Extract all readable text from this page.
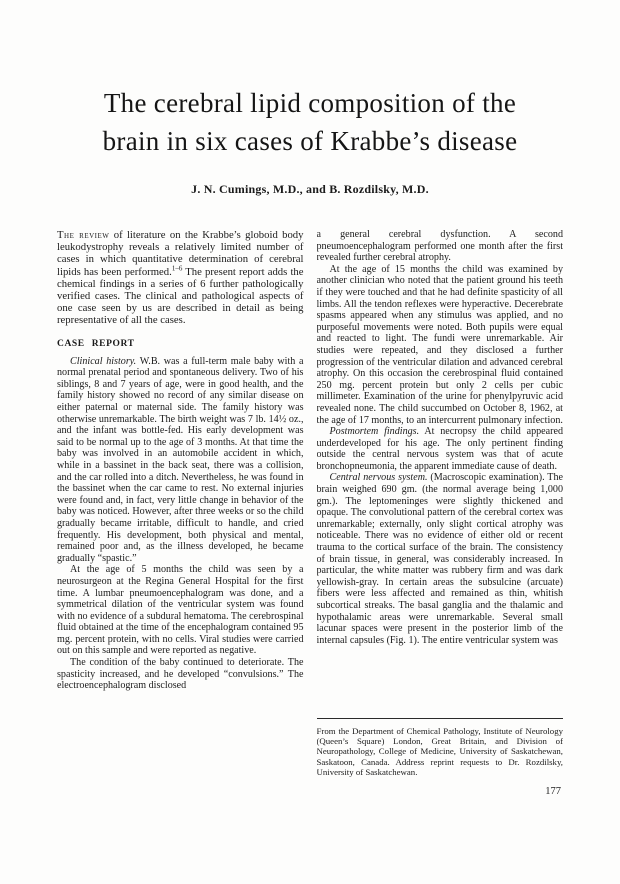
The cerebral lipid composition of the
brain in six cases of Krabbe’s disease
J. N. Cumings, M.D., and B. Rozdilsky, M.D.

The review of literature on the Krabbe’s globoid body leukodystrophy reveals a relatively limited number of cases in which quantitative determination of cerebral lipids has been performed.$^{1-6}$ The present report adds the chemical findings in a series of 6 further pathologically verified cases. The clinical and pathological aspects of one case seen by us are described in detail as being representative of all the cases.

CASE REPORT

Clinical history. W.B. was a full-term male baby with a normal prenatal period and spontaneous delivery. Two of his siblings, 8 and 7 years of age, were in good health, and the family history showed no record of any similar disease on either paternal or maternal side. The family history was otherwise unremarkable. The birth weight was 7 lb. 14½ oz., and the infant was bottle-fed. His early development was said to be normal up to the age of 3 months. At that time the baby was involved in an automobile accident in which, while in a bassinet in the back seat, there was a collision, and the car rolled into a ditch. Nevertheless, he was found in the bassinet when the car came to rest. No external injuries were found and, in fact, very little change in behavior of the baby was noticed. However, after three weeks or so the child gradually became irritable, difficult to handle, and cried frequently. His development, both physical and mental, remained poor and, as the illness developed, he became gradually “spastic.”

At the age of 5 months the child was seen by a neurosurgeon at the Regina General Hospital for the first time. A lumbar pneumoencephalogram was done, and a symmetrical dilation of the ventricular system was found with no evidence of a subdural hematoma. The cerebrospinal fluid obtained at the time of the encephalogram contained 95 mg. percent protein, with no cells. Viral studies were carried out on this sample and were reported as negative.

The condition of the baby continued to deteriorate. The spasticity increased, and he developed “convulsions.” The electroencephalogram disclosed

a general cerebral dysfunction. A second pneumoencephalogram performed one month after the first revealed further cerebral atrophy.

At the age of 15 months the child was examined by another clinician who noted that the patient ground his teeth if they were touched and that he had definite spasticity of all limbs. All the tendon reflexes were hyperactive. Decerebrate spasms appeared when any stimulus was applied, and no purposeful movements were noted. Both pupils were equal and reacted to light. The fundi were unremarkable. Air studies were repeated, and they disclosed a further progression of the ventricular dilation and advanced cerebral atrophy. On this occasion the cerebrospinal fluid contained 250 mg. percent protein but only 2 cells per cubic millimeter. Examination of the urine for phenylpyruvic acid revealed none. The child succumbed on October 8, 1962, at the age of 17 months, to an intercurrent pulmonary infection.

Postmortem findings. At necropsy the child appeared underdeveloped for his age. The only pertinent finding outside the central nervous system was that of acute bronchopneumonia, the apparent immediate cause of death.

Central nervous system. (Macroscopic examination). The brain weighed 690 gm. (the normal average being 1,000 gm.). The leptomeninges were slightly thickened and opaque. The convolutional pattern of the cerebral cortex was unremarkable; externally, only slight cortical atrophy was noticeable. There was no evidence of either old or recent trauma to the cortical surface of the brain. The consistency of brain tissue, in general, was considerably increased. In particular, the white matter was rubbery firm and was dark yellowish-gray. In certain areas the subsulcine (arcuate) fibers were less affected and remained as thin, whitish subcortical streaks. The basal ganglia and the thalamic and hypothalamic areas were unremarkable. Several small lacunar spaces were present in the posterior limb of the internal capsules (Fig. 1). The entire ventricular system was

From the Department of Chemical Pathology, Institute of Neurology (Queen’s Square) London, Great Britain, and Division of Neuropathology, College of Medicine, University of Saskatchewan, Saskatoon, Canada. Address reprint requests to Dr. Rozdilsky, University of Saskatchewan.

177
